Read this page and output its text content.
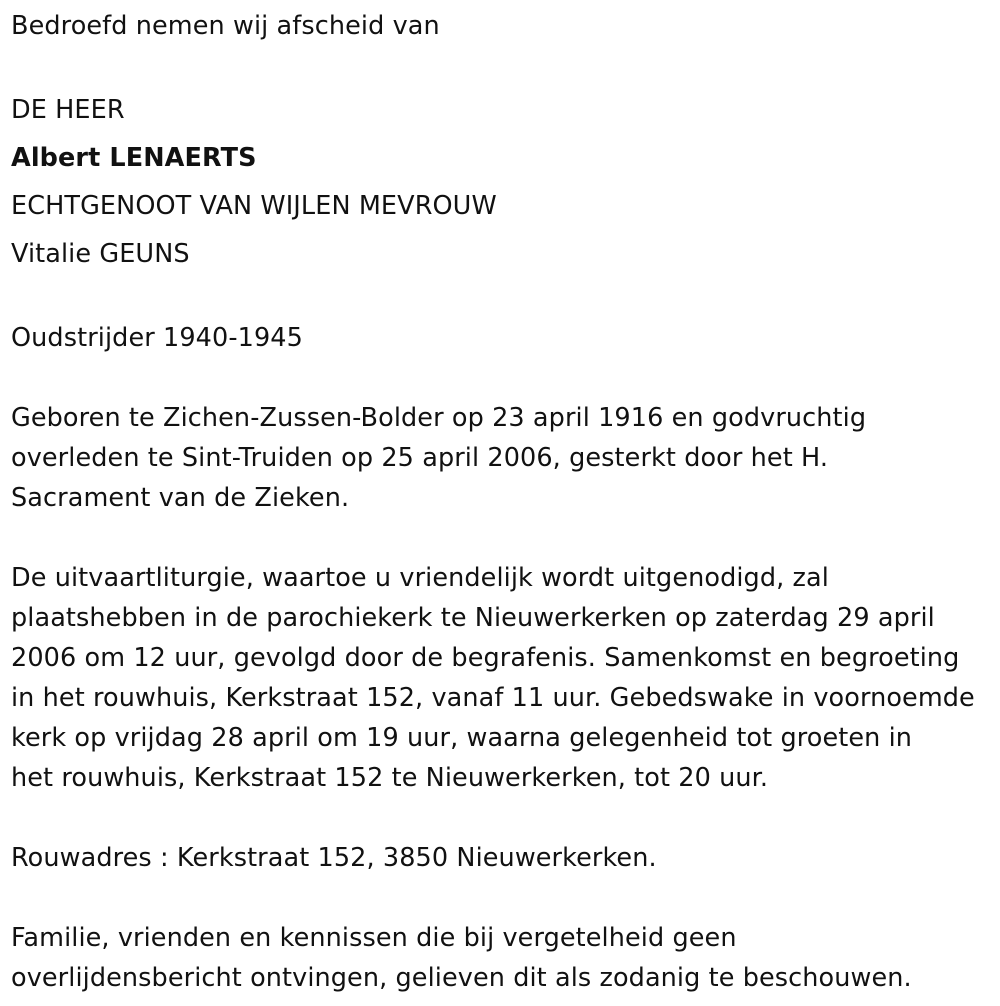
Bedroefd nemen wij afscheid van
DE HEER
Albert LENAERTS
ECHTGENOOT VAN WIJLEN MEVROUW
Vitalie GEUNS
Oudstrijder 1940-1945
Geboren te Zichen-Zussen-Bolder op 23 april 1916 en godvruchtig
overleden te Sint-Truiden op 25 april 2006, gesterkt door het H.
Sacrament van de Zieken.
De uitvaartliturgie, waartoe u vriendelijk wordt uitgenodigd, zal
plaatshebben in de parochiekerk te Nieuwerkerken op zaterdag 29 april
2006 om 12 uur, gevolgd door de begrafenis. Samenkomst en begroeting
in het rouwhuis, Kerkstraat 152, vanaf 11 uur. Gebedswake in voornoemde
kerk op vrijdag 28 april om 19 uur, waarna gelegenheid tot groeten in
het rouwhuis, Kerkstraat 152 te Nieuwerkerken, tot 20 uur.
Rouwadres : Kerkstraat 152, 3850 Nieuwerkerken.
Familie, vrienden en kennissen die bij vergetelheid geen
overlijdensbericht ontvingen, gelieven dit als zodanig te beschouwen.
